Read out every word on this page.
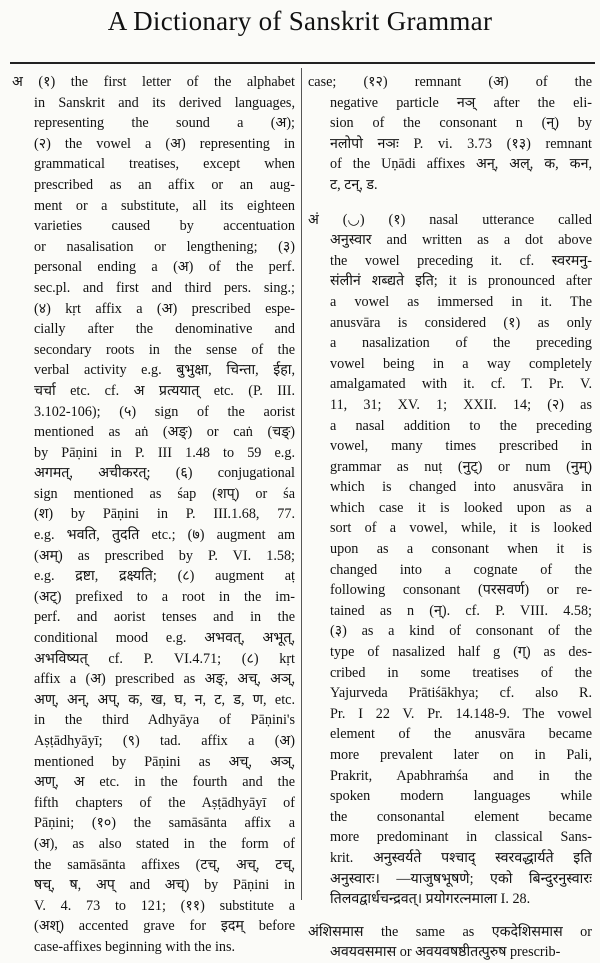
A Dictionary of Sanskrit Grammar
अ (१) the first letter of the alphabet
in Sanskrit and its derived languages,
representing the sound a (अ);
(२) the vowel a (अ) representing in
grammatical treatises, except when
prescribed as an affix or an aug-
ment or a substitute, all its eighteen
varieties caused by accentuation
or nasalisation or lengthening; (३)
personal ending a (अ) of the perf.
sec.pl. and first and third pers. sing.;
(४) kṛt affix a (अ) prescribed espe-
cially after the denominative and
secondary roots in the sense of the
verbal activity e.g. बुभुक्षा, चिन्ता, ईहा,
चर्चा etc. cf. अ प्रत्ययात् etc. (P. III.
3.102-106); (५) sign of the aorist
mentioned as aṅ (अङ्) or caṅ (चङ्)
by Pāṇini in P. III 1.48 to 59 e.g.
अगमत्, अचीकरत्; (६) conjugational
sign mentioned as śap (शप्) or śa
(श) by Pāṇini in P. III.1.68, 77.
e.g. भवति, तुदति etc.; (७) augment am
(अम्) as prescribed by P. VI. 1.58;
e.g. द्रष्टा, द्रक्ष्यति; (८) augment aṭ
(अट्) prefixed to a root in the im-
perf. and aorist tenses and in the
conditional mood e.g. अभवत्, अभूत्,
अभविष्यत् cf. P. VI.4.71; (८) kṛt
affix a (अ) prescribed as अङ्, अच्, अञ्,
अण्, अन्, अप्, क, ख, घ, न, ट, ड, ण, etc.
in the third Adhyāya of Pāṇini's
Aṣṭādhyāyī; (९) tad. affix a (अ)
mentioned by Pāṇini as अच्, अञ्,
अण्, अ etc. in the fourth and the
fifth chapters of the Aṣṭādhyāyī of
Pāṇini; (१०) the samāsānta affix a
(अ), as also stated in the form of
the samāsānta affixes (टच्, अच्, टच्,
षच्, ष, अप् and अच्) by Pāṇini in
V. 4. 73 to 121; (११) substitute a
(अश्) accented grave for इदम् before
case-affixes beginning with the ins.
case; (१२) remnant (अ) of the
negative particle नञ् after the eli-
sion of the consonant n (न्) by
नलोपो नञः P. vi. 3.73 (१३) remnant
of the Uṇādi affixes अन्, अल्, क, कन,
ट, टन्, ड.
अं (◡) (१) nasal utterance called
अनुस्वार and written as a dot above
the vowel preceding it. cf. स्वरमनु-
संलीनं शब्द्यते इति; it is pronounced after
a vowel as immersed in it. The
anusvāra is considered (१) as only
a nasalization of the preceding
vowel being in a way completely
amalgamated with it. cf. T. Pr. V.
11, 31; XV. 1; XXII. 14; (२) as
a nasal addition to the preceding
vowel, many times prescribed in
grammar as nuṭ (नुट्) or num (नुम्)
which is changed into anusvāra in
which case it is looked upon as a
sort of a vowel, while, it is looked
upon as a consonant when it is
changed into a cognate of the
following consonant (परसवर्ण) or re-
tained as n (न्). cf. P. VIII. 4.58;
(३) as a kind of consonant of the
type of nasalized half g (ग्) as des-
cribed in some treatises of the
Yajurveda Prātiśākhya; cf. also R.
Pr. I 22 V. Pr. 14.148-9. The vowel
element of the anusvāra became
more prevalent later on in Pali,
Prakrit, Apabhraṁśa and in the
spoken modern languages while
the consonantal element became
more predominant in classical Sans-
krit. अनुस्वर्यते पश्चाद् स्वरवद्धार्यते इति
अनुस्वारः। —याजुषभूषणे; एको बिन्दुरनुस्वारः
तिलवद्वार्धचन्द्रवत्। प्रयोगरत्नमाला I. 28.
अंशिसमास the same as एकदेशिसमास or
अवयवसमास or अवयवषष्ठीतत्पुरुष prescrib-
